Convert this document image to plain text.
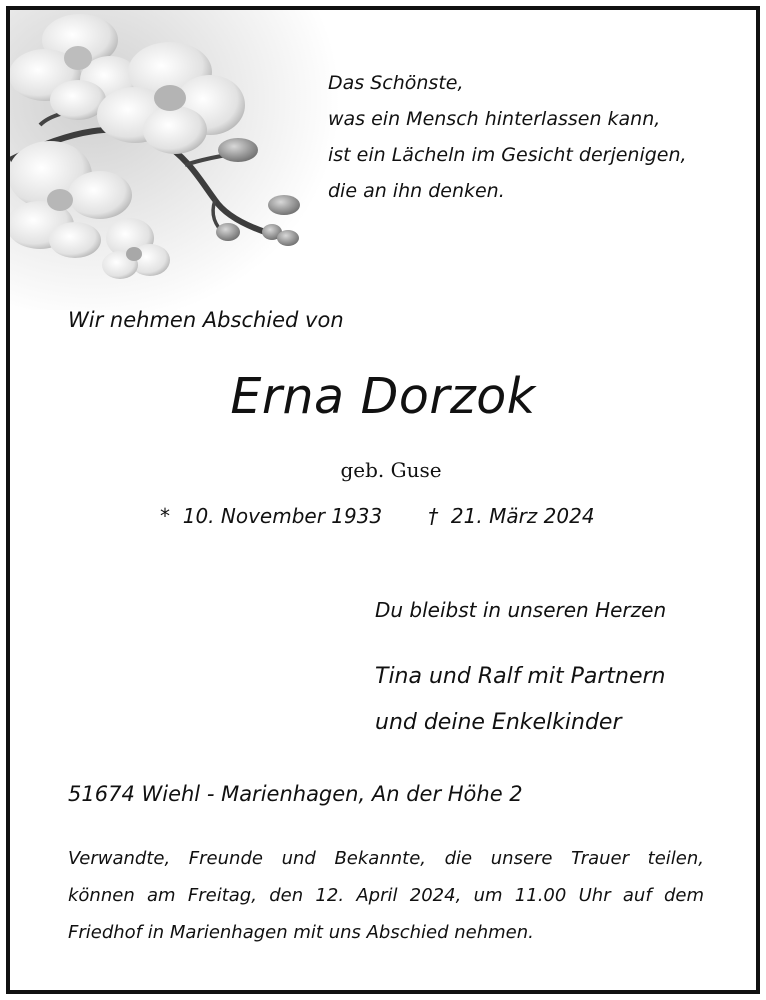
Das Schönste,
was ein Mensch hinterlassen kann,
ist ein Lächeln im Gesicht derjenigen,
die an ihn denken.
Wir nehmen Abschied von
Erna Dorzok
geb. Guse
* 10. November 1933 † 21. März 2024
Du bleibst in unseren Herzen
Tina und Ralf mit Partnern
und deine Enkelkinder
51674 Wiehl - Marienhagen, An der Höhe 2
Verwandte, Freunde und Bekannte, die unsere Trauer teilen,
können am Freitag, den 12. April 2024, um 11.00 Uhr auf dem
Friedhof in Marienhagen mit uns Abschied nehmen.
